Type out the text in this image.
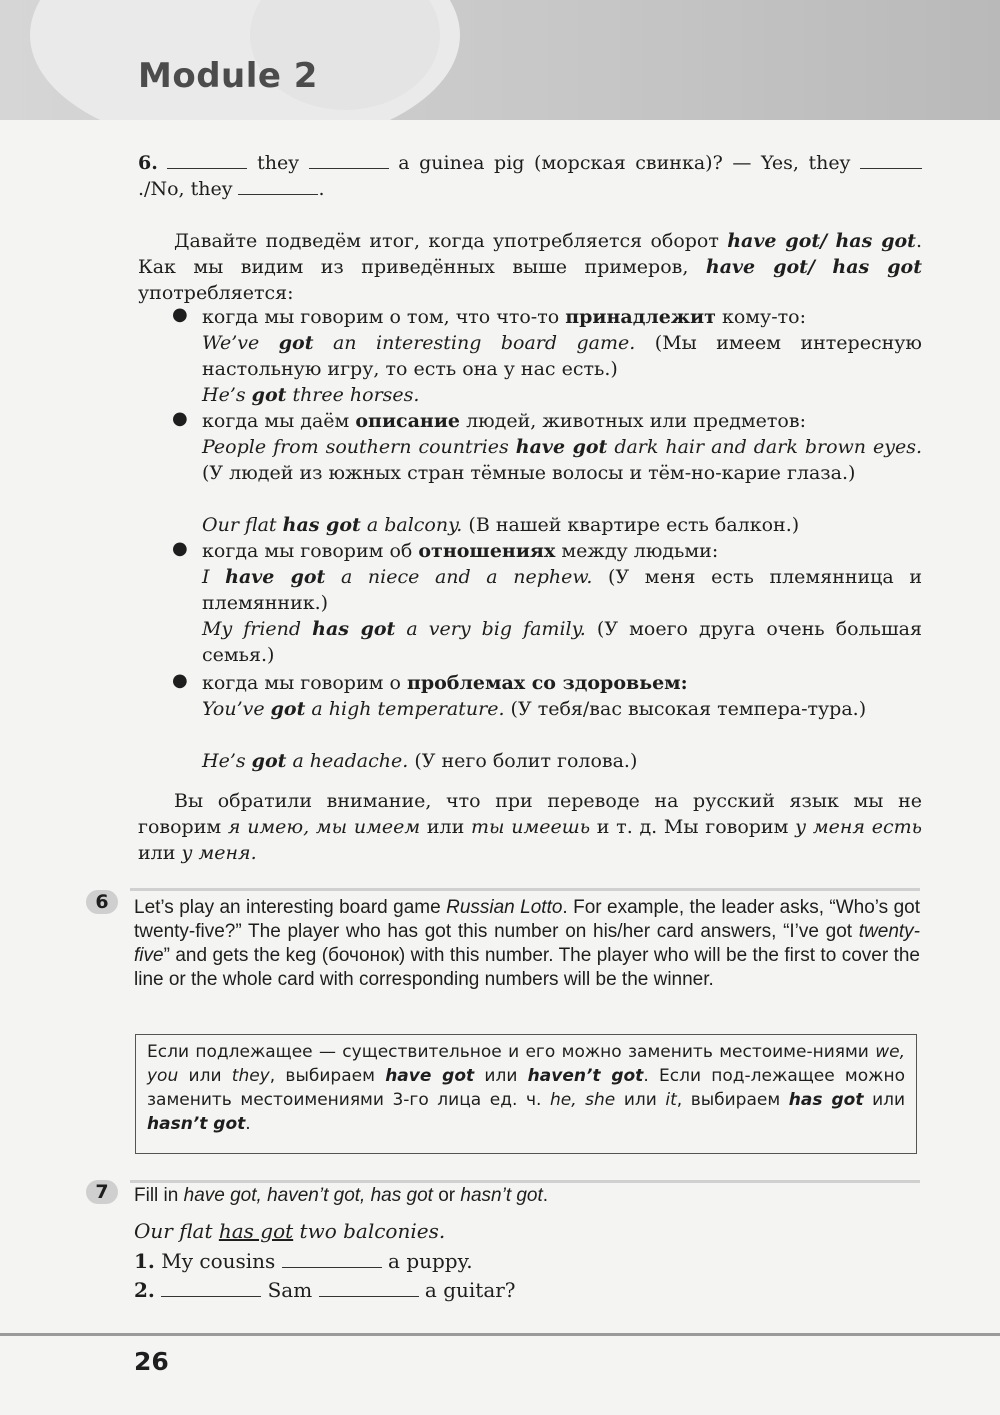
Module 2
6.	they	a guinea pig (морская свинка)? — Yes, they ./No, they	.
Давайте подведём итог, когда употребляется оборот have got/ has got. Как мы видим из приведённых выше примеров, have got/ has got употребляется:
● когда мы говорим о том, что что-то принадлежит кому-то:
We’ve got an interesting board game. (Мы имеем интересную настольную игру, то есть она у нас есть.)
He’s got three horses.
● когда мы даём описание людей, животных или предметов:
People from southern countries have got dark hair and dark brown eyes. (У людей из южных стран тёмные волосы и тём-но-карие глаза.)
Our flat has got a balcony. (В нашей квартире есть балкон.)
● когда мы говорим об отношениях между людьми:
I have got a niece and a nephew. (У меня есть племянница и племянник.)
My friend has got a very big family. (У моего друга очень большая семья.)
● когда мы говорим о проблемах со здоровьем:
You’ve got a high temperature. (У тебя/вас высокая темпера-тура.)
He’s got a headache. (У него болит голова.)
Вы обратили внимание, что при переводе на русский язык мы не говорим я имею, мы имеем или ты имеешь и т. д. Мы говорим у меня есть или у меня.
6	Let’s play an interesting board game Russian Lotto. For example, the leader asks, “Who’s got twenty-five?” The player who has got this number on his/her card answers, “I’ve got twenty-five” and gets the keg (бочонок) with this number. The player who will be the first to cover the line or the whole card with corresponding numbers will be the winner.
Если подлежащее — существительное и его можно заменить местоиме-ниями we, you или they, выбираем have got или haven’t got. Если под-лежащее можно заменить местоимениями 3-го лица ед. ч. he, she или it, выбираем has got или hasn’t got.
7	Fill in have got, haven’t got, has got or hasn’t got.
Our flat has got two balconies.
1. My cousins	a puppy.
2.	Sam	a guitar?
26
